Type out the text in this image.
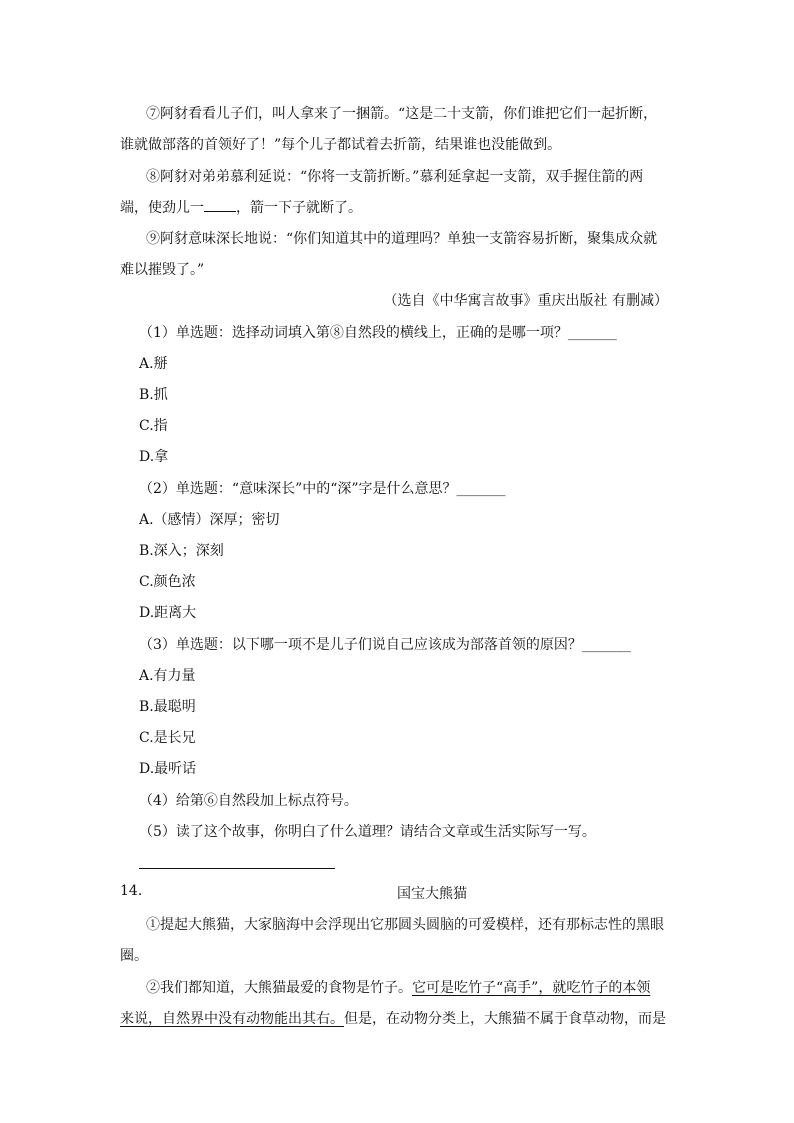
⑦阿豺看看儿子们，叫人拿来了一捆箭。“这是二十支箭，你们谁把它们一起折断，
谁就做部落的首领好了！”每个儿子都试着去折箭，结果谁也没能做到。
⑧阿豺对弟弟慕利延说：“你将一支箭折断。”慕利延拿起一支箭，双手握住箭的两
端，使劲儿一 ，箭一下子就断了。
⑨阿豺意味深长地说：“你们知道其中的道理吗？单独一支箭容易折断，聚集成众就
难以摧毁了。”
（选自《中华寓言故事》重庆出版社 有删减）
（1）单选题：选择动词填入第⑧自然段的横线上，正确的是哪一项？_______
A.掰
B.抓
C.指
D.拿
（2）单选题：“意味深长”中的“深”字是什么意思？_______
A.（感情）深厚；密切
B.深入；深刻
C.颜色浓
D.距离大
（3）单选题：以下哪一项不是儿子们说自己应该成为部落首领的原因？_______
A.有力量
B.最聪明
C.是长兄
D.最听话
（4）给第⑥自然段加上标点符号。
（5）读了这个故事，你明白了什么道理？请结合文章或生活实际写一写。
14.	国宝大熊猫
①提起大熊猫，大家脑海中会浮现出它那圆头圆脑的可爱模样，还有那标志性的黑眼
圈。
②我们都知道，大熊猫最爱的食物是竹子。它可是吃竹子“高手”，就吃竹子的本领
来说，自然界中没有动物能出其右。但是，在动物分类上，大熊猫不属于食草动物，而是
